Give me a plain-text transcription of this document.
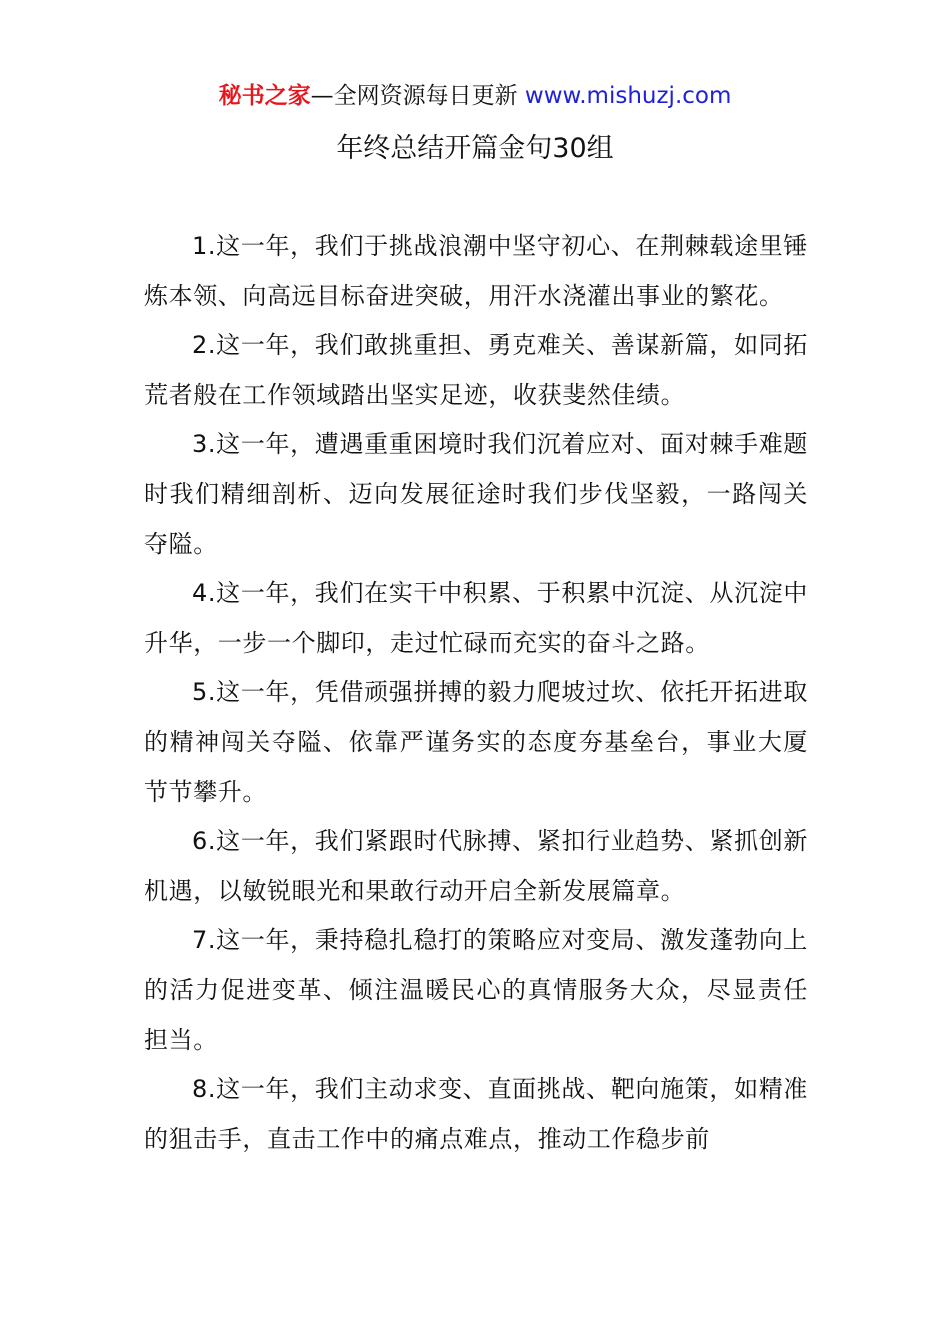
秘书之家—全网资源每日更新 www.mishuzj.com
年终总结开篇金句30组

1.这一年，我们于挑战浪潮中坚守初心、在荆棘载途里锤炼本领、向高远目标奋进突破，用汗水浇灌出事业的繁花。

2.这一年，我们敢挑重担、勇克难关、善谋新篇，如同拓荒者般在工作领域踏出坚实足迹，收获斐然佳绩。

3.这一年，遭遇重重困境时我们沉着应对、面对棘手难题时我们精细剖析、迈向发展征途时我们步伐坚毅，一路闯关夺隘。

4.这一年，我们在实干中积累、于积累中沉淀、从沉淀中升华，一步一个脚印，走过忙碌而充实的奋斗之路。

5.这一年，凭借顽强拼搏的毅力爬坡过坎、依托开拓进取的精神闯关夺隘、依靠严谨务实的态度夯基垒台，事业大厦节节攀升。

6.这一年，我们紧跟时代脉搏、紧扣行业趋势、紧抓创新机遇，以敏锐眼光和果敢行动开启全新发展篇章。

7.这一年，秉持稳扎稳打的策略应对变局、激发蓬勃向上的活力促进变革、倾注温暖民心的真情服务大众，尽显责任担当。

8.这一年，我们主动求变、直面挑战、靶向施策，如精准的狙击手，直击工作中的痛点难点，推动工作稳步前
